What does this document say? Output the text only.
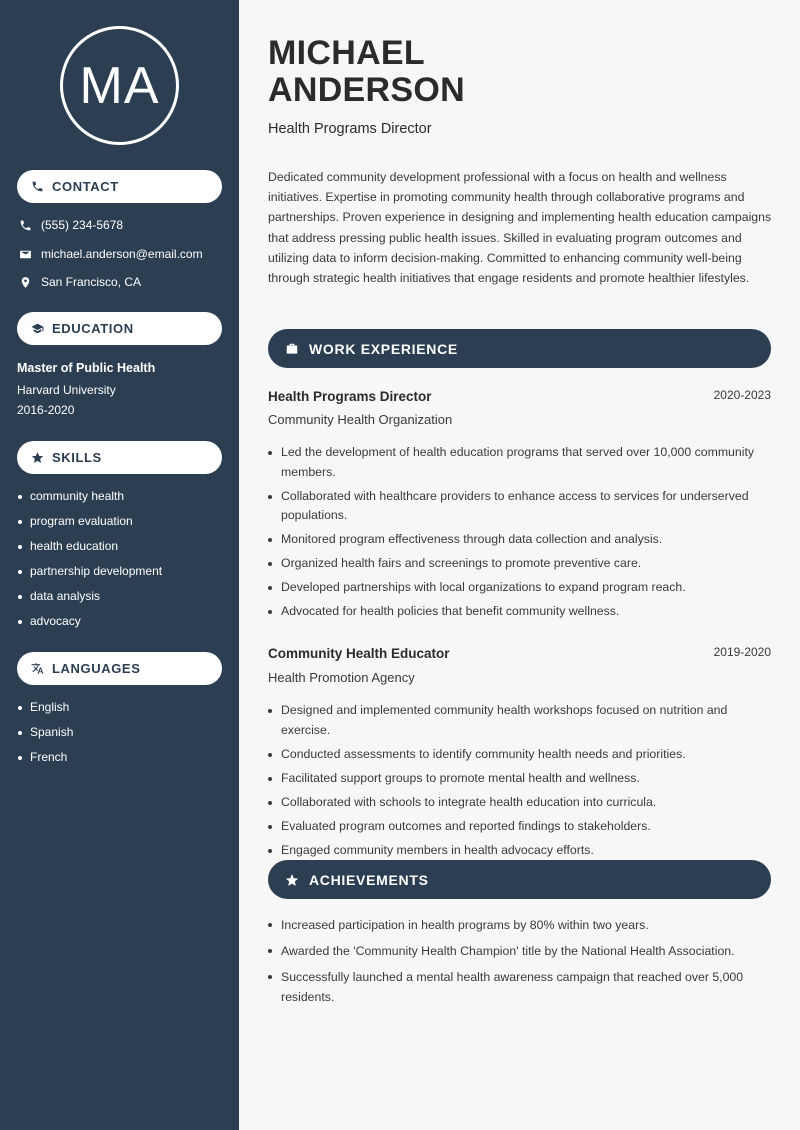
MA
CONTACT
(555) 234-5678
michael.anderson@email.com
San Francisco, CA
EDUCATION
Master of Public Health
Harvard University
2016-2020
SKILLS
community health
program evaluation
health education
partnership development
data analysis
advocacy
LANGUAGES
English
Spanish
French
MICHAEL
ANDERSON
Health Programs Director
Dedicated community development professional with a focus on health and wellness initiatives. Expertise in promoting community health through collaborative programs and partnerships. Proven experience in designing and implementing health education campaigns that address pressing public health issues. Skilled in evaluating program outcomes and utilizing data to inform decision-making. Committed to enhancing community well-being through strategic health initiatives that engage residents and promote healthier lifestyles.
WORK EXPERIENCE
Health Programs Director	2020-2023
Community Health Organization
Led the development of health education programs that served over 10,000 community members.
Collaborated with healthcare providers to enhance access to services for underserved populations.
Monitored program effectiveness through data collection and analysis.
Organized health fairs and screenings to promote preventive care.
Developed partnerships with local organizations to expand program reach.
Advocated for health policies that benefit community wellness.
Community Health Educator	2019-2020
Health Promotion Agency
Designed and implemented community health workshops focused on nutrition and exercise.
Conducted assessments to identify community health needs and priorities.
Facilitated support groups to promote mental health and wellness.
Collaborated with schools to integrate health education into curricula.
Evaluated program outcomes and reported findings to stakeholders.
Engaged community members in health advocacy efforts.
ACHIEVEMENTS
Increased participation in health programs by 80% within two years.
Awarded the 'Community Health Champion' title by the National Health Association.
Successfully launched a mental health awareness campaign that reached over 5,000 residents.
